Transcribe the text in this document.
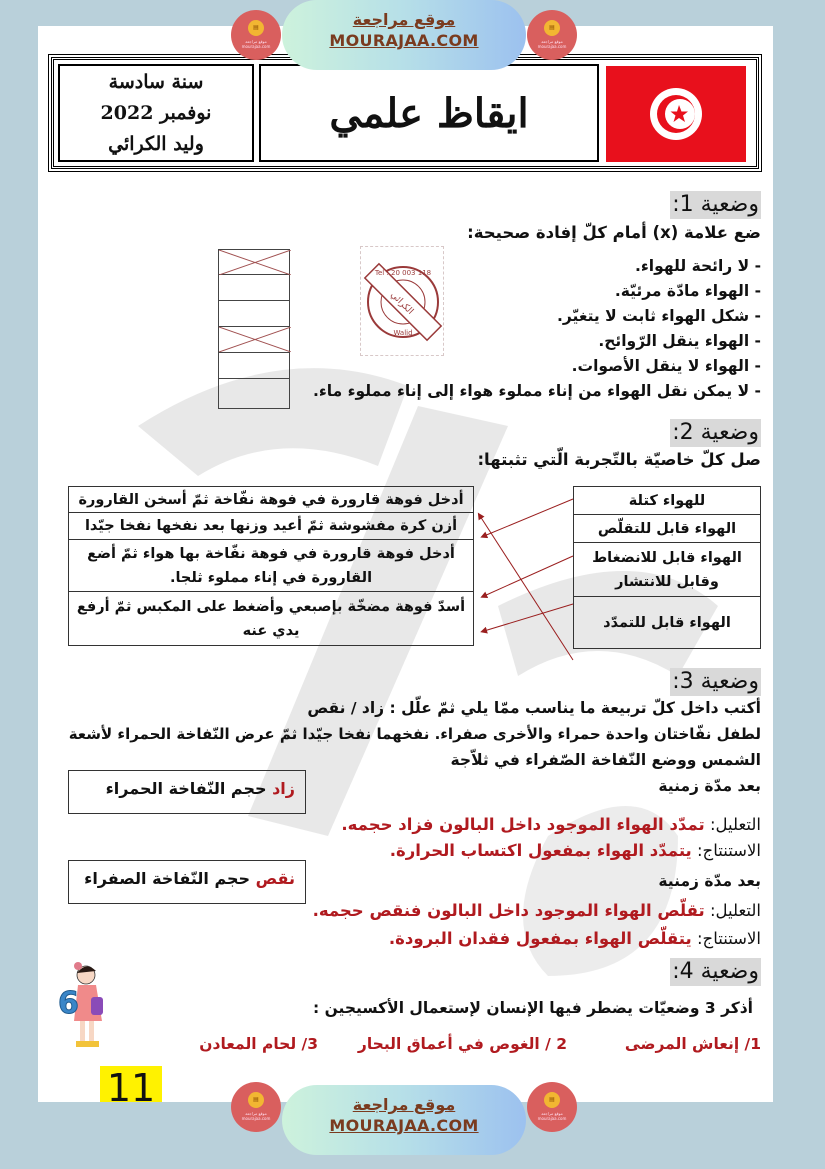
▤
موقع مراجعة mourajaa.com
موقع مراجعة
MOURAJAA.COM
▤
موقع مراجعة mourajaa.com
سنة سادسة
نوفمبر 2022
وليد الكرائي
ايقاظ علمي
وضعية 1:
ضع علامة (x) أمام كلّ إفادة صحيحة:
- لا رائحة للهواء.
- الهواء مادّة مرئيّة.
- شكل الهواء ثابت لا يتغيّر.
- الهواء ينقل الرّوائح.
- الهواء لا ينقل الأصوات.
- لا يمكن نقل الهواء من إناء مملوء هواء إلى إناء مملوء ماء.
الكرائي
Tel : 20 003 118
Walid
وضعية 2:
صل كلّ خاصيّة بالتّجربة الّتي تثبتها:
للهواء كتلة
الهواء قابل للتقلّص
الهواء قابل للانضغاط وقابل للانتشار
الهواء قابل للتمدّد
أدخل فوهة قارورة في فوهة نفّاخة ثمّ أسخن القارورة
أزن كرة مفشوشة ثمّ أعيد وزنها بعد نفخها نفخا جيّدا
أدخل فوهة قارورة في فوهة نفّاخة بها هواء ثمّ أضع القارورة في إناء مملوء ثلجا.
أسدّ فوهة مضخّة بإصبعي وأضغط على المكبس ثمّ أرفع يدي عنه
وضعية 3:
أكتب داخل كلّ تربيعة ما يناسب ممّا يلي ثمّ علّل : زاد / نقص
لطفل نفّاختان واحدة حمراء والأخرى صفراء. نفخهما نفخا جيّدا ثمّ عرض النّفاخة الحمراء لأشعة
الشمس ووضع النّفاخة الصّفراء في ثلاّجة
بعد مدّة زمنية
زاد حجم النّفاخة الحمراء
التعليل: تمدّد الهواء الموجود داخل البالون فزاد حجمه.
الاستنتاج: يتمدّد الهواء بمفعول اكتساب الحرارة.
نقص حجم النّفاخة الصفراء	بعد مدّة زمنية
التعليل: تقلّص الهواء الموجود داخل البالون فنقص حجمه.
الاستنتاج: يتقلّص الهواء بمفعول فقدان البرودة.
وضعية 4:
أذكر 3 وضعيّات يضطر فيها الإنسان لإستعمال الأكسيجين :
1/ إنعاش المرضى
2 / الغوص في أعماق البحار
3/ لحام المعادن
6
11	▤
موقع مراجعة mourajaa.com
موقع مراجعة
MOURAJAA.COM
▤
موقع مراجعة mourajaa.com
